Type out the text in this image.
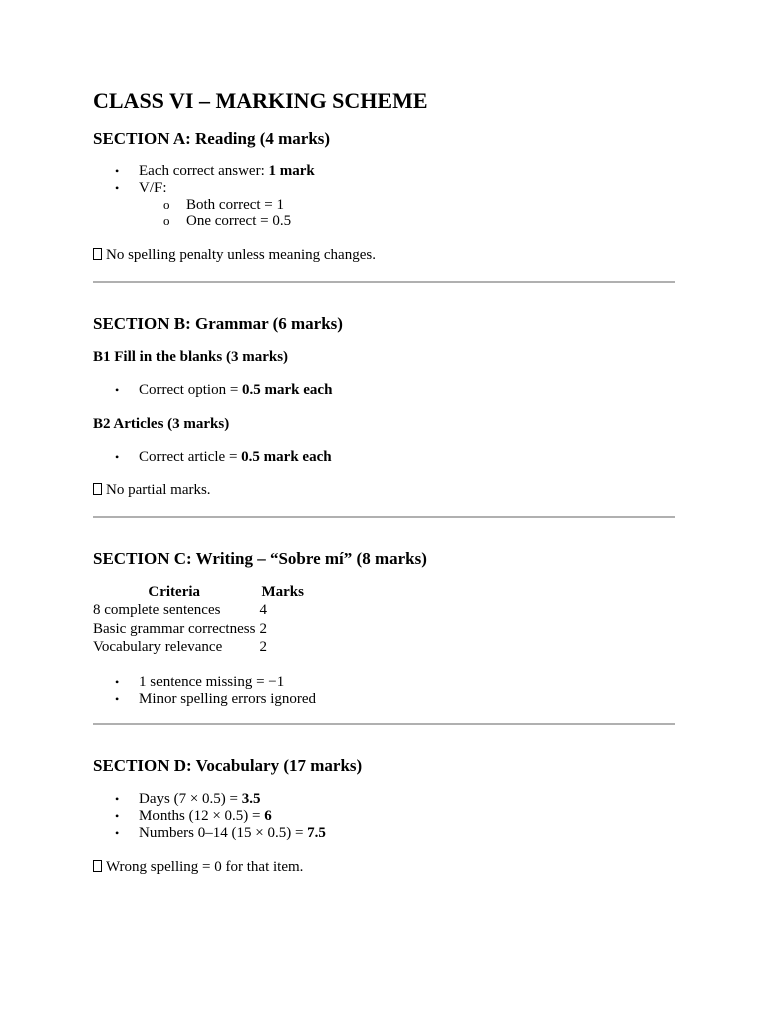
CLASS VI – MARKING SCHEME
SECTION A: Reading (4 marks)
• Each correct answer: 1 mark
• V/F:
o Both correct = 1
o One correct = 0.5

No spelling penalty unless meaning changes.

SECTION B: Grammar (6 marks)
B1 Fill in the blanks (3 marks)
• Correct option = 0.5 mark each
B2 Articles (3 marks)
• Correct article = 0.5 mark each

No partial marks.

SECTION C: Writing – “Sobre mí” (8 marks)
Criteria	Marks
8 complete sentences	4
Basic grammar correctness	2
Vocabulary relevance	2
• 1 sentence missing = −1
• Minor spelling errors ignored
SECTION D: Vocabulary (17 marks)
• Days (7 × 0.5) = 3.5
• Months (12 × 0.5) = 6
• Numbers 0–14 (15 × 0.5) = 7.5

Wrong spelling = 0 for that item.
